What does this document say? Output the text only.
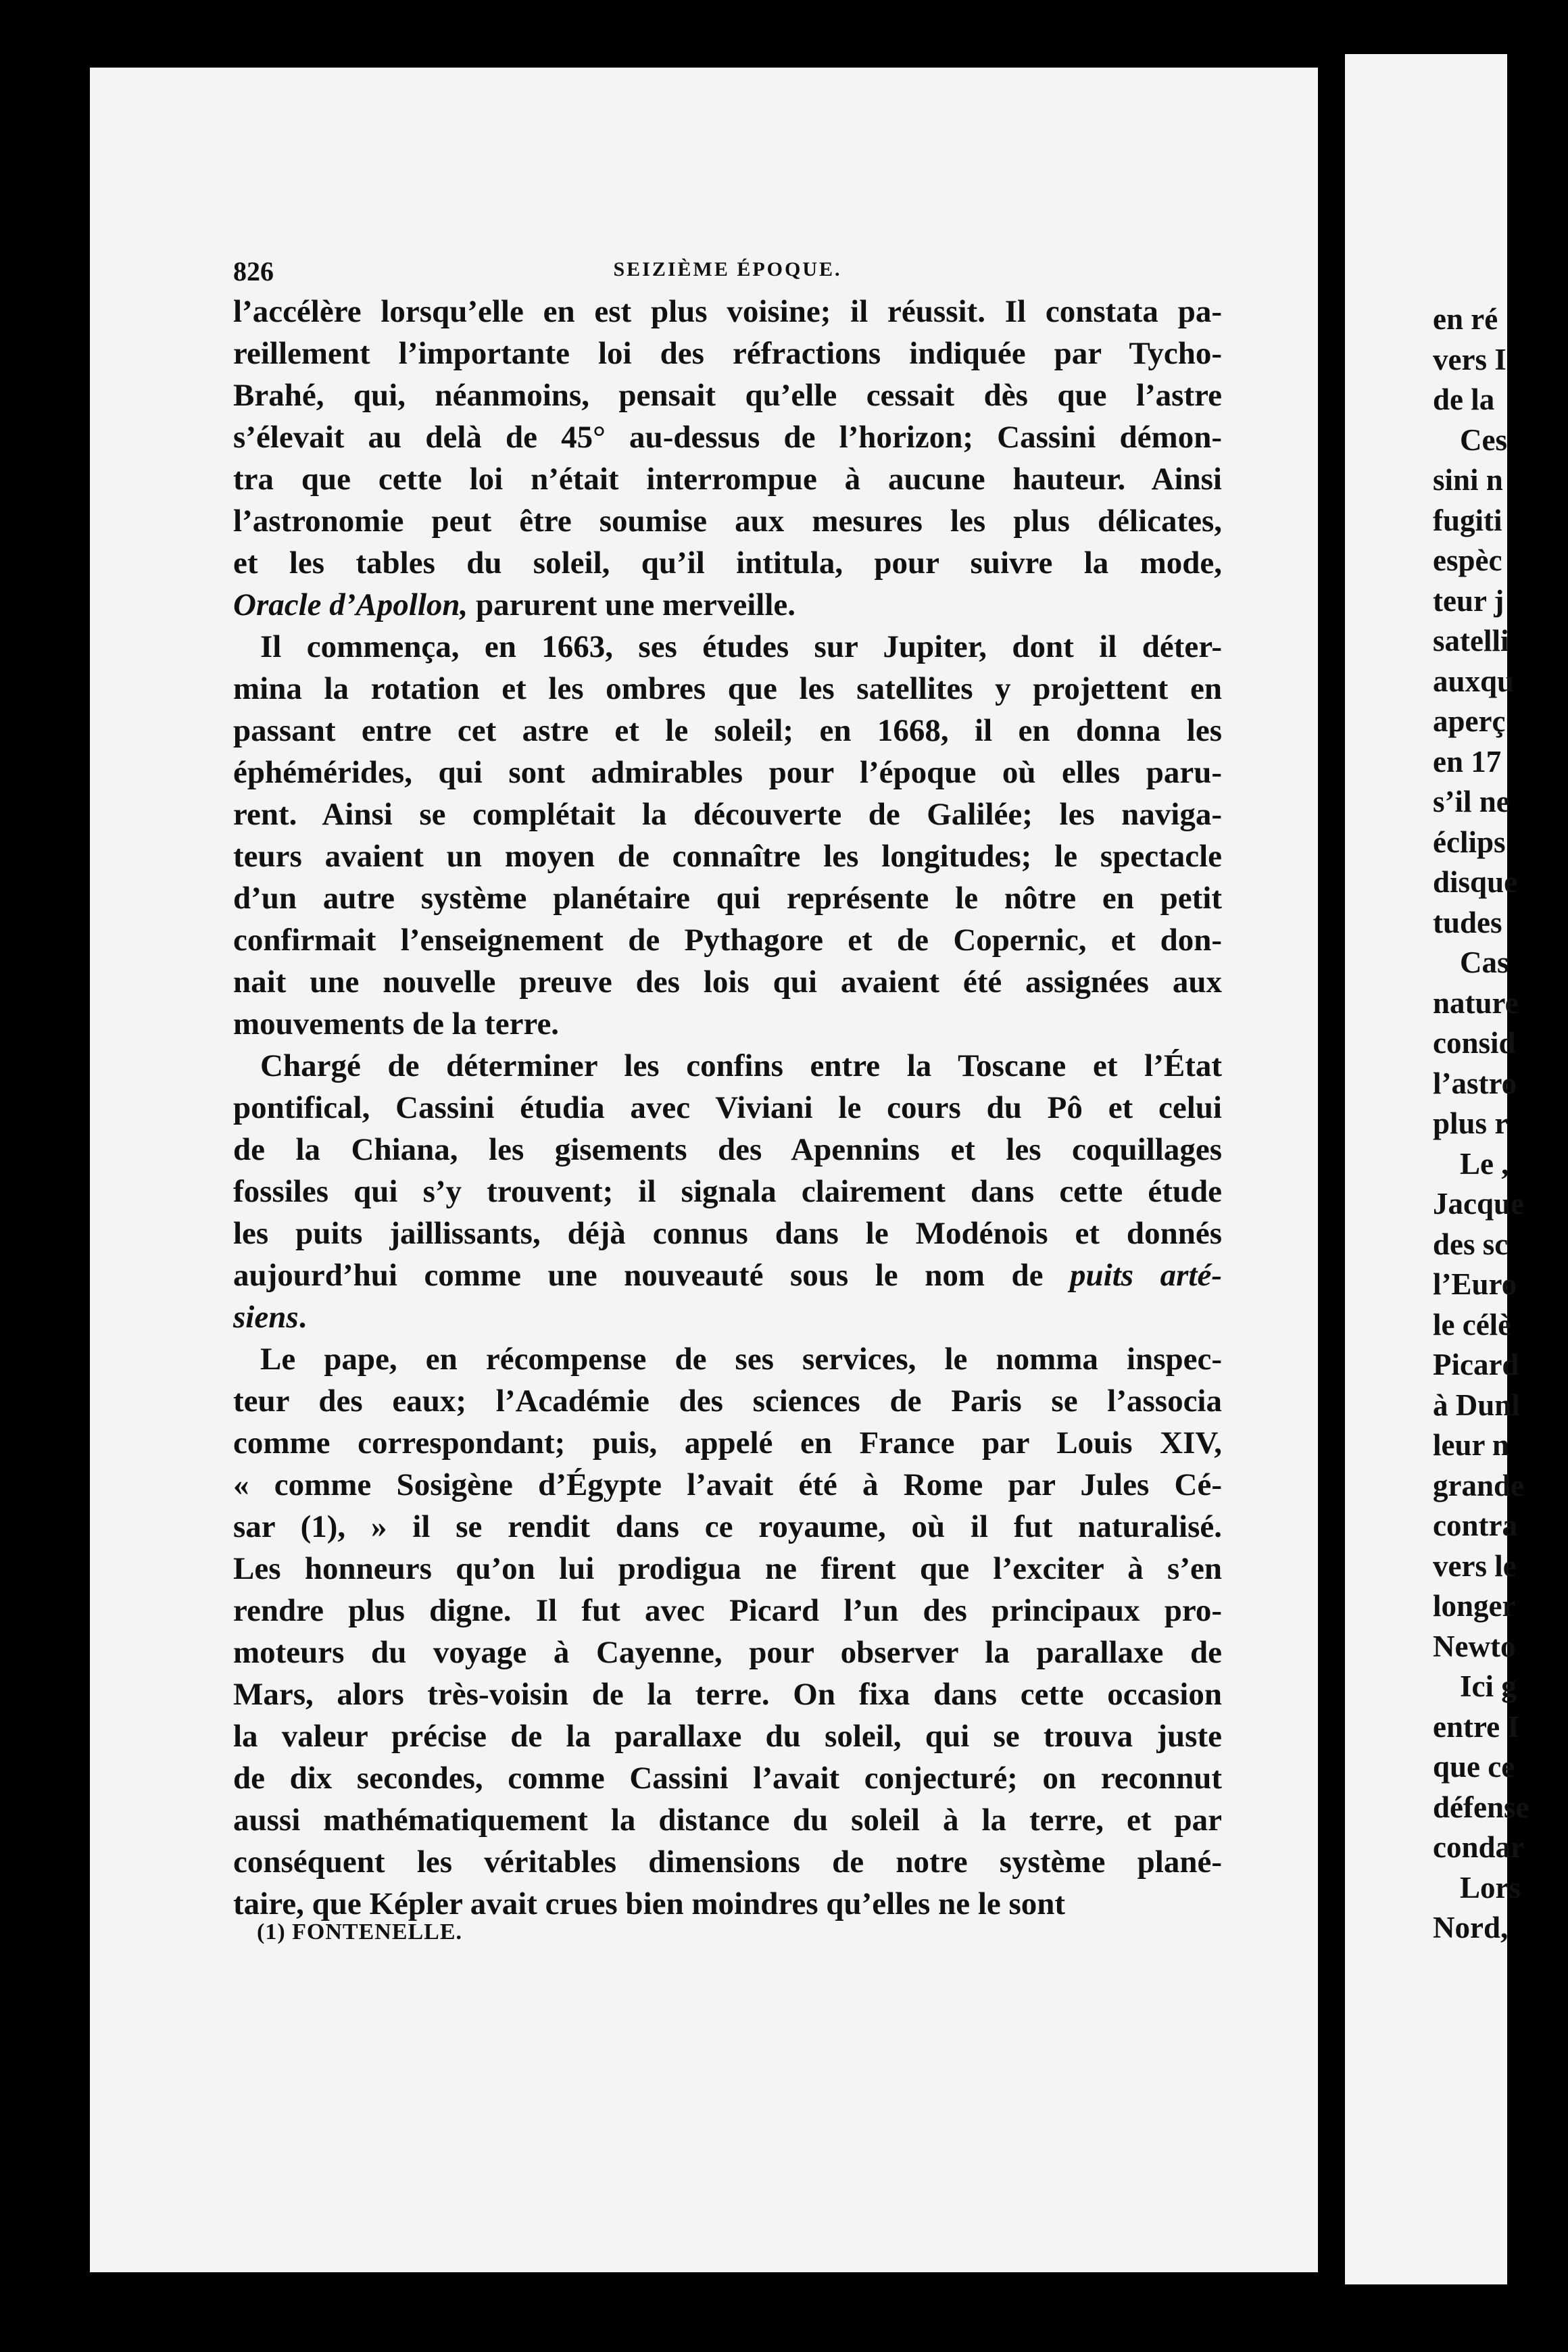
826	SEIZIÈME ÉPOQUE.
l’accélère lorsqu’elle en est plus voisine; il réussit. Il constata pa-
reillement l’importante loi des réfractions indiquée par Tycho-
Brahé, qui, néanmoins, pensait qu’elle cessait dès que l’astre
s’élevait au delà de 45° au-dessus de l’horizon; Cassini démon-
tra que cette loi n’était interrompue à aucune hauteur. Ainsi
l’astronomie peut être soumise aux mesures les plus délicates,
et les tables du soleil, qu’il intitula, pour suivre la mode,
Oracle d’Apollon, parurent une merveille.
Il commença, en 1663, ses études sur Jupiter, dont il déter-
mina la rotation et les ombres que les satellites y projettent en
passant entre cet astre et le soleil; en 1668, il en donna les
éphémérides, qui sont admirables pour l’époque où elles paru-
rent. Ainsi se complétait la découverte de Galilée; les naviga-
teurs avaient un moyen de connaître les longitudes; le spectacle
d’un autre système planétaire qui représente le nôtre en petit
confirmait l’enseignement de Pythagore et de Copernic, et don-
nait une nouvelle preuve des lois qui avaient été assignées aux
mouvements de la terre.
Chargé de déterminer les confins entre la Toscane et l’État
pontifical, Cassini étudia avec Viviani le cours du Pô et celui
de la Chiana, les gisements des Apennins et les coquillages
fossiles qui s’y trouvent; il signala clairement dans cette étude
les puits jaillissants, déjà connus dans le Modénois et donnés
aujourd’hui comme une nouveauté sous le nom de puits arté-
siens.
Le pape, en récompense de ses services, le nomma inspec-
teur des eaux; l’Académie des sciences de Paris se l’associa
comme correspondant; puis, appelé en France par Louis XIV,
« comme Sosigène d’Égypte l’avait été à Rome par Jules Cé-
sar (1), » il se rendit dans ce royaume, où il fut naturalisé.
Les honneurs qu’on lui prodigua ne firent que l’exciter à s’en
rendre plus digne. Il fut avec Picard l’un des principaux pro-
moteurs du voyage à Cayenne, pour observer la parallaxe de
Mars, alors très-voisin de la terre. On fixa dans cette occasion
la valeur précise de la parallaxe du soleil, qui se trouva juste
de dix secondes, comme Cassini l’avait conjecturé; on reconnut
aussi mathématiquement la distance du soleil à la terre, et par
conséquent les véritables dimensions de notre système plané-
taire, que Képler avait crues bien moindres qu’elles ne le sont
(1) FONTENELLE.
en ré
vers I
de la
Ces
sini n
fugiti
espèc
teur j
satelli
auxqu
aperç
en 17
s’il ne
éclips
disque
tudes
Cas
nature
consid
l’astro
plus r
Le ,
Jacque
des sc
l’Euro
le célè
Picard
à Dunl
leur n
grande
contra
vers le
longer
Newto
Ici g
entre I
que ce
défense
condar
Lors
Nord,
